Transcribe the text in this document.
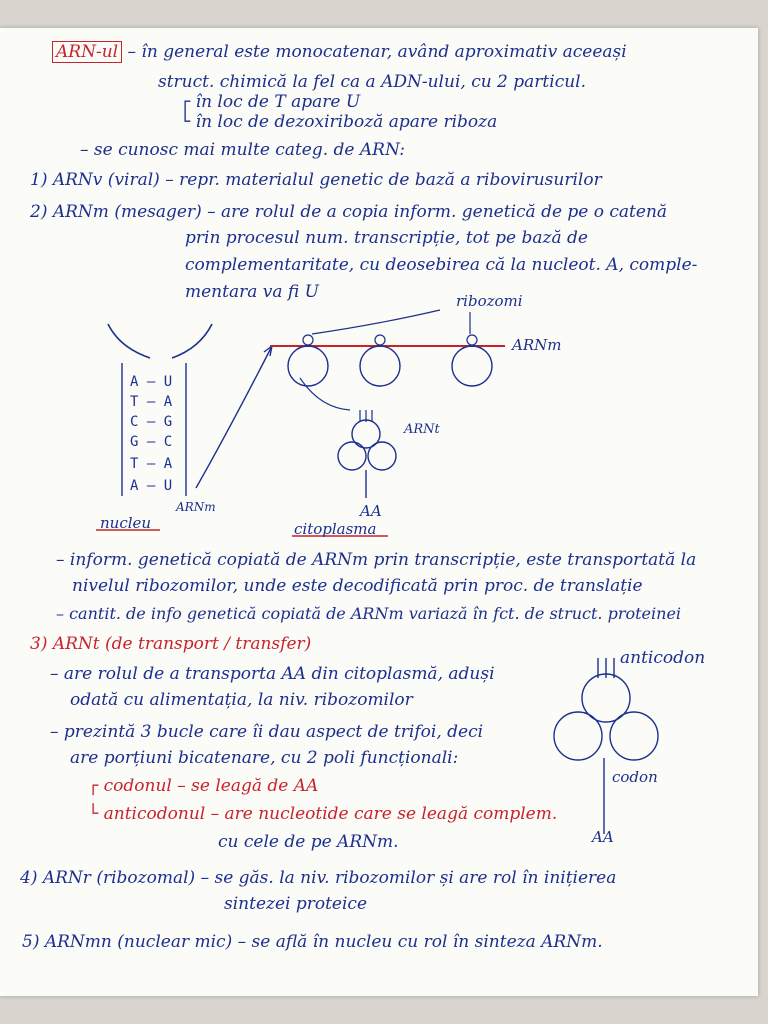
ARN-ul – în general este monocatenar, având aproximativ aceeași
struct. chimică la fel ca a ADN-ului, cu 2 particul.
┌ în loc de T apare U
└ în loc de dezoxiriboză apare riboza
– se cunosc mai multe categ. de ARN:
1) ARNv (viral) – repr. materialul genetic de bază a ribovirusurilor
2) ARNm (mesager) – are rolul de a copia inform. genetică de pe o catenă
prin procesul num. transcripție, tot pe bază de
complementaritate, cu deosebirea că la nucleot. A, comple-
mentara va fi U
A — U
T — A
C — G
G — C
T — A
A — U
ARNm
nucleu
ribozomi
ARNm
ARNt
AA
citoplasma
– inform. genetică copiată de ARNm prin transcripție, este transportată la
nivelul ribozomilor, unde este decodificată prin proc. de translație
– cantit. de info genetică copiată de ARNm variază în fct. de struct. proteinei
3) ARNt (de transport / transfer)
– are rolul de a transporta AA din citoplasmă, aduși
odată cu alimentația, la niv. ribozomilor
– prezintă 3 bucle care îi dau aspect de trifoi, deci
are porțiuni bicatenare, cu 2 poli funcționali:
┌ codonul – se leagă de AA
└ anticodonul – are nucleotide care se leagă complem.
cu cele de pe ARNm.
4) ARNr (ribozomal) – se găs. la niv. ribozomilor și are rol în inițierea
sintezei proteice
5) ARNmn (nuclear mic) – se află în nucleu cu rol în sinteza ARNm.
anticodon
codon
AA
